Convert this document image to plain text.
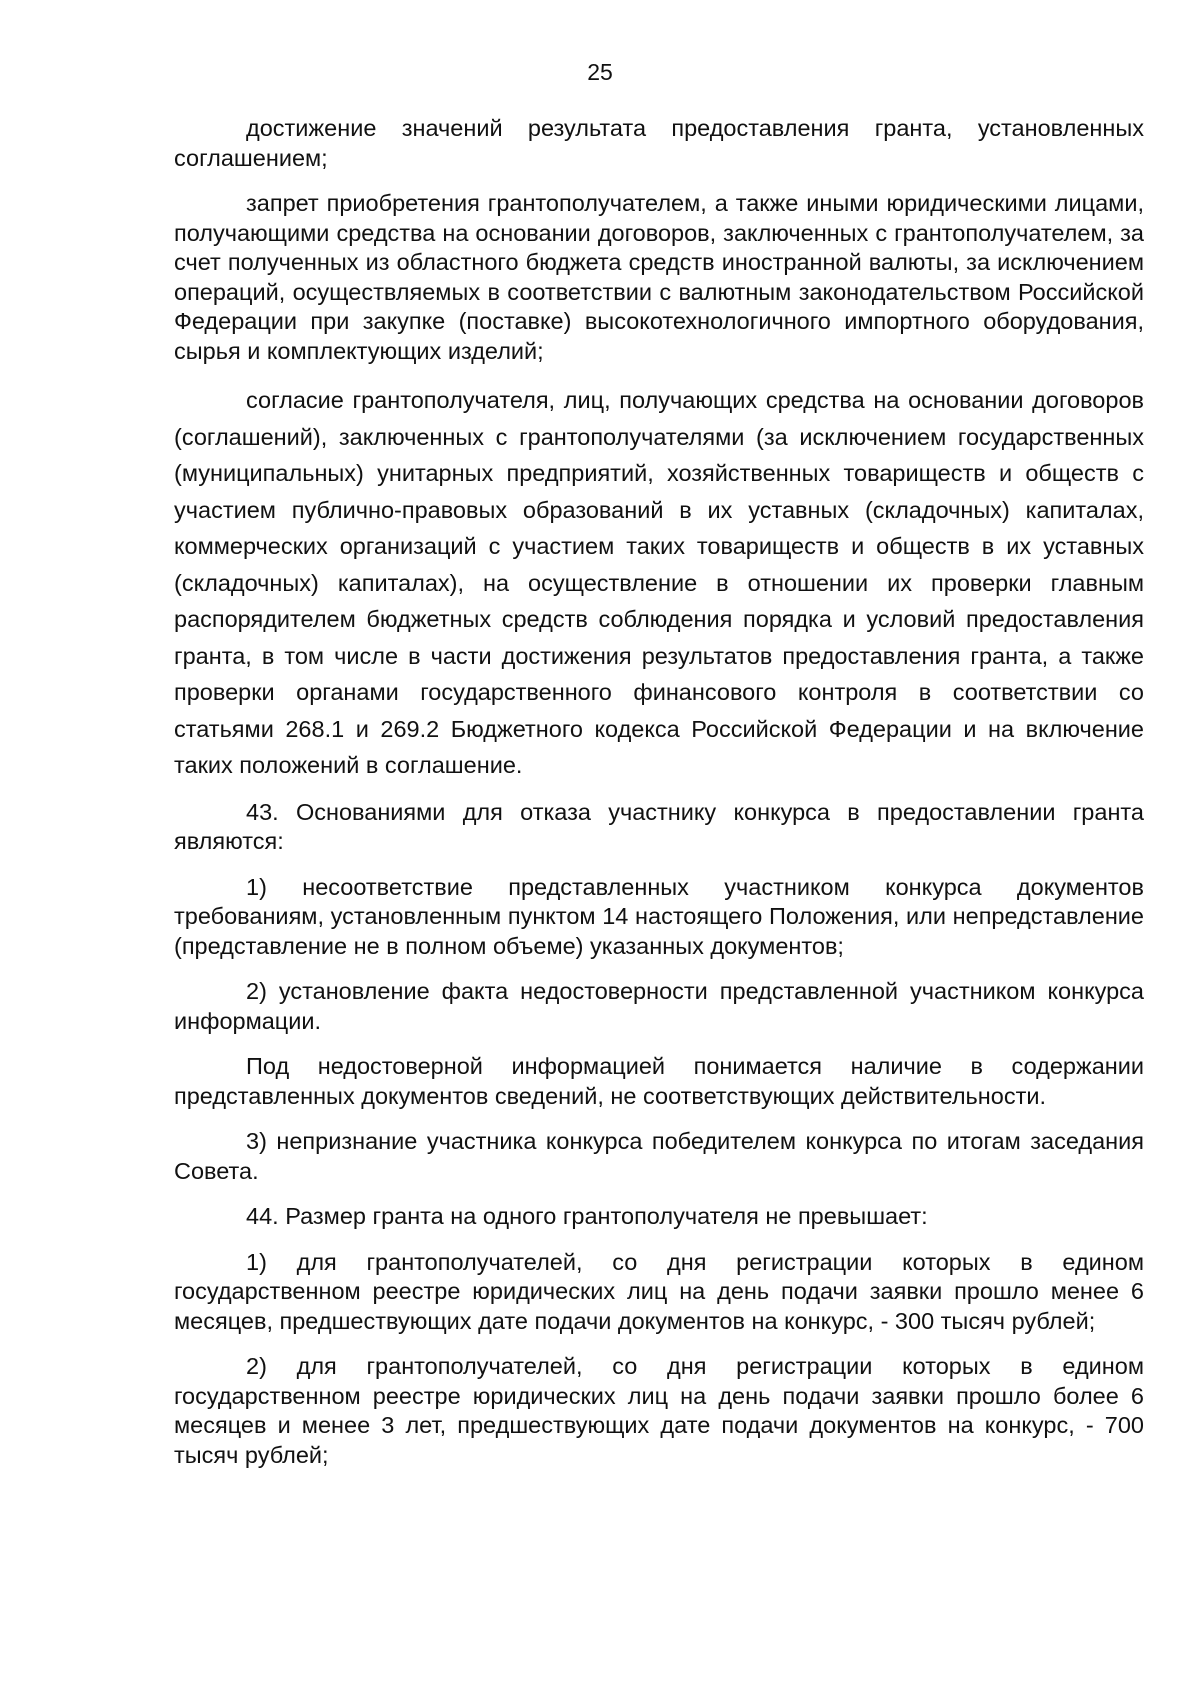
25

достижение значений результата предоставления гранта, установленных соглашением;

запрет приобретения грантополучателем, а также иными юридическими лицами, получающими средства на основании договоров, заключенных с грантополучателем, за счет полученных из областного бюджета средств иностранной валюты, за исключением операций, осуществляемых в соответствии с валютным законодательством Российской Федерации при закупке (поставке) высокотехнологичного импортного оборудования, сырья и комплектующих изделий;

согласие грантополучателя, лиц, получающих средства на основании договоров (соглашений), заключенных с грантополучателями (за исключением государственных (муниципальных) унитарных предприятий, хозяйственных товариществ и обществ с участием публично-правовых образований в их уставных (складочных) капиталах, коммерческих организаций с участием таких товариществ и обществ в их уставных (складочных) капиталах), на осуществление в отношении их проверки главным распорядителем бюджетных средств соблюдения порядка и условий предоставления гранта, в том числе в части достижения результатов предоставления гранта, а также проверки органами государственного финансового контроля в соответствии со статьями 268.1 и 269.2 Бюджетного кодекса Российской Федерации и на включение таких положений в соглашение.

43. Основаниями для отказа участнику конкурса в предоставлении гранта являются:

1) несоответствие представленных участником конкурса документов требованиям, установленным пунктом 14 настоящего Положения, или непредставление (представление не в полном объеме) указанных документов;

2) установление факта недостоверности представленной участником конкурса информации.

Под недостоверной информацией понимается наличие в содержании представленных документов сведений, не соответствующих действительности.

3) непризнание участника конкурса победителем конкурса по итогам заседания Совета.

44. Размер гранта на одного грантополучателя не превышает:

1) для грантополучателей, со дня регистрации которых в едином государственном реестре юридических лиц на день подачи заявки прошло менее 6 месяцев, предшествующих дате подачи документов на конкурс, - 300 тысяч рублей;

2) для грантополучателей, со дня регистрации которых в едином государственном реестре юридических лиц на день подачи заявки прошло более 6 месяцев и менее 3 лет, предшествующих дате подачи документов на конкурс, - 700 тысяч рублей;
